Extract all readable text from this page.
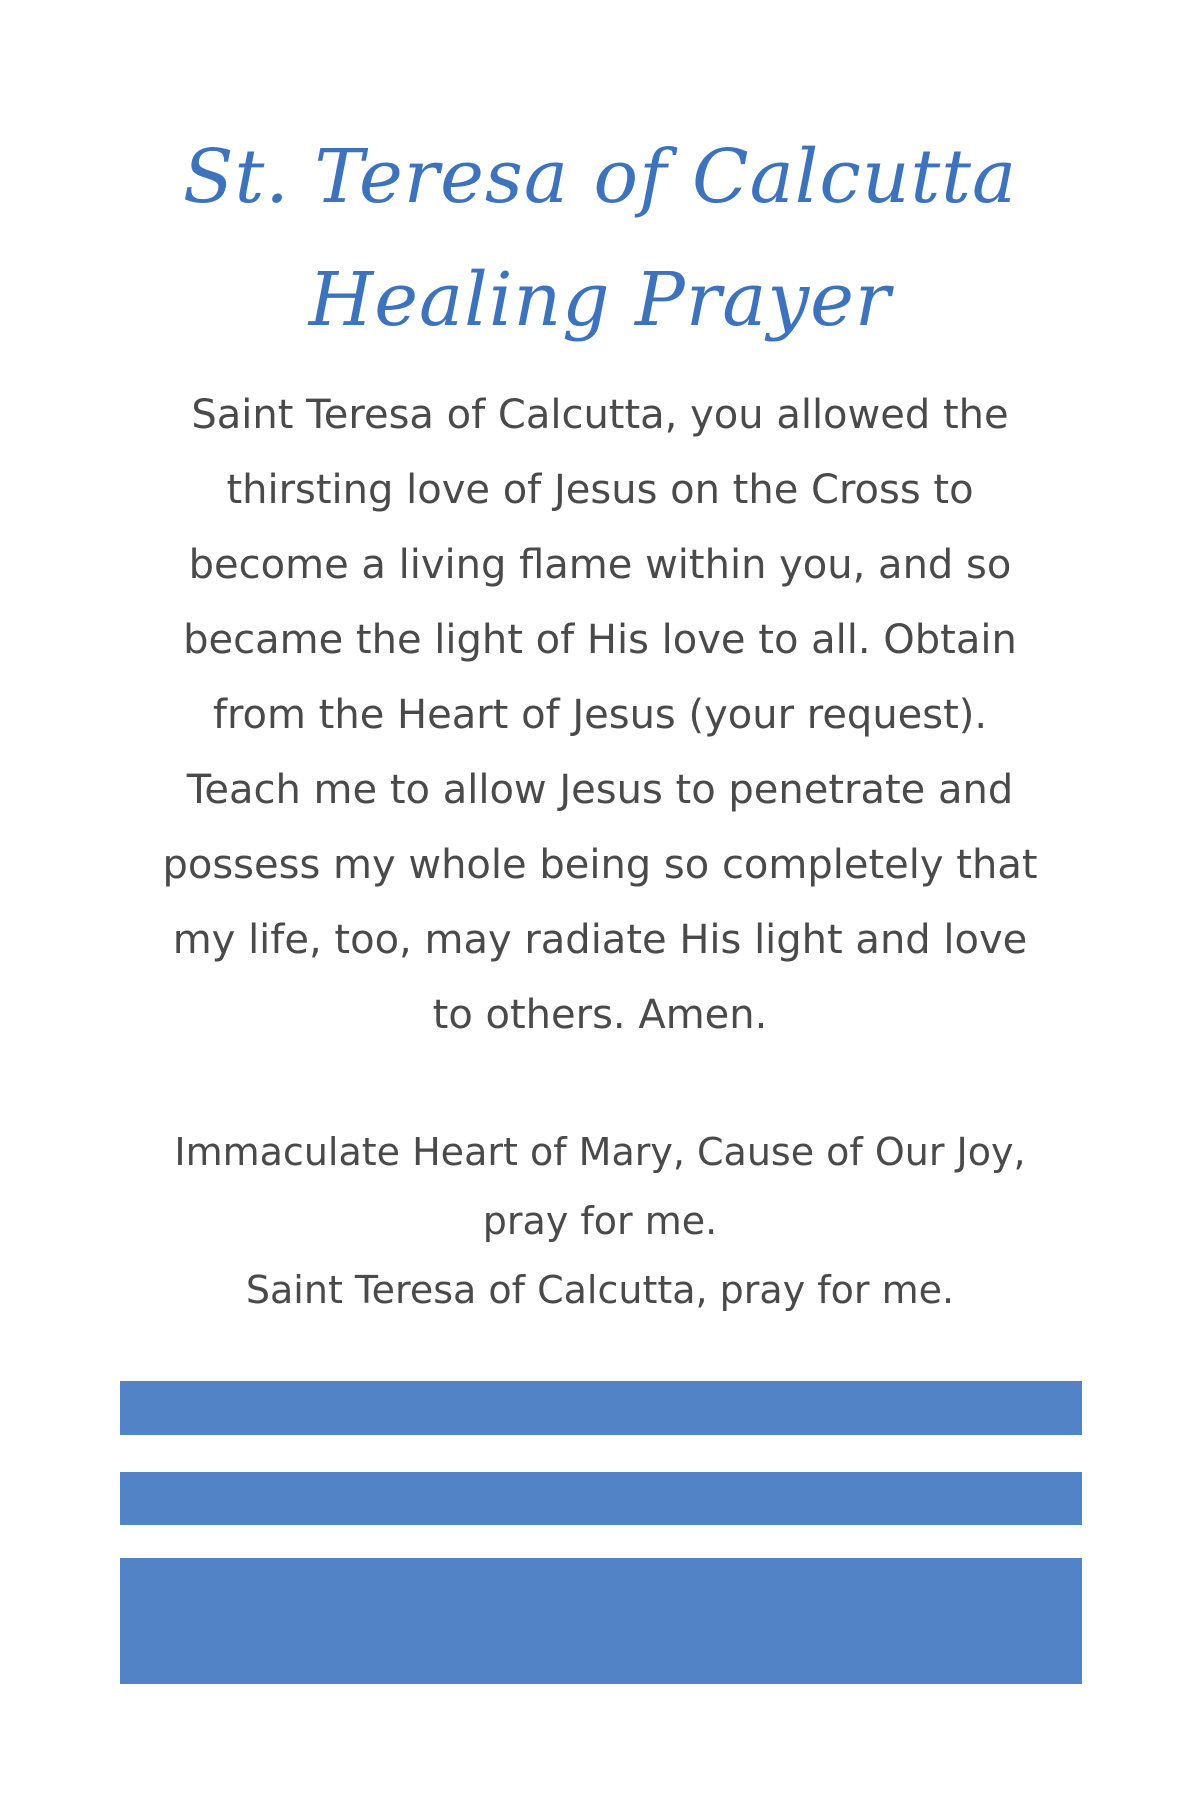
St. Teresa of Calcutta
Healing Prayer
Saint Teresa of Calcutta, you allowed the
thirsting love of Jesus on the Cross to
become a living flame within you, and so
became the light of His love to all. Obtain
from the Heart of Jesus (your request).
Teach me to allow Jesus to penetrate and
possess my whole being so completely that
my life, too, may radiate His light and love
to others. Amen.
Immaculate Heart of Mary, Cause of Our Joy,
pray for me.
Saint Teresa of Calcutta, pray for me.
